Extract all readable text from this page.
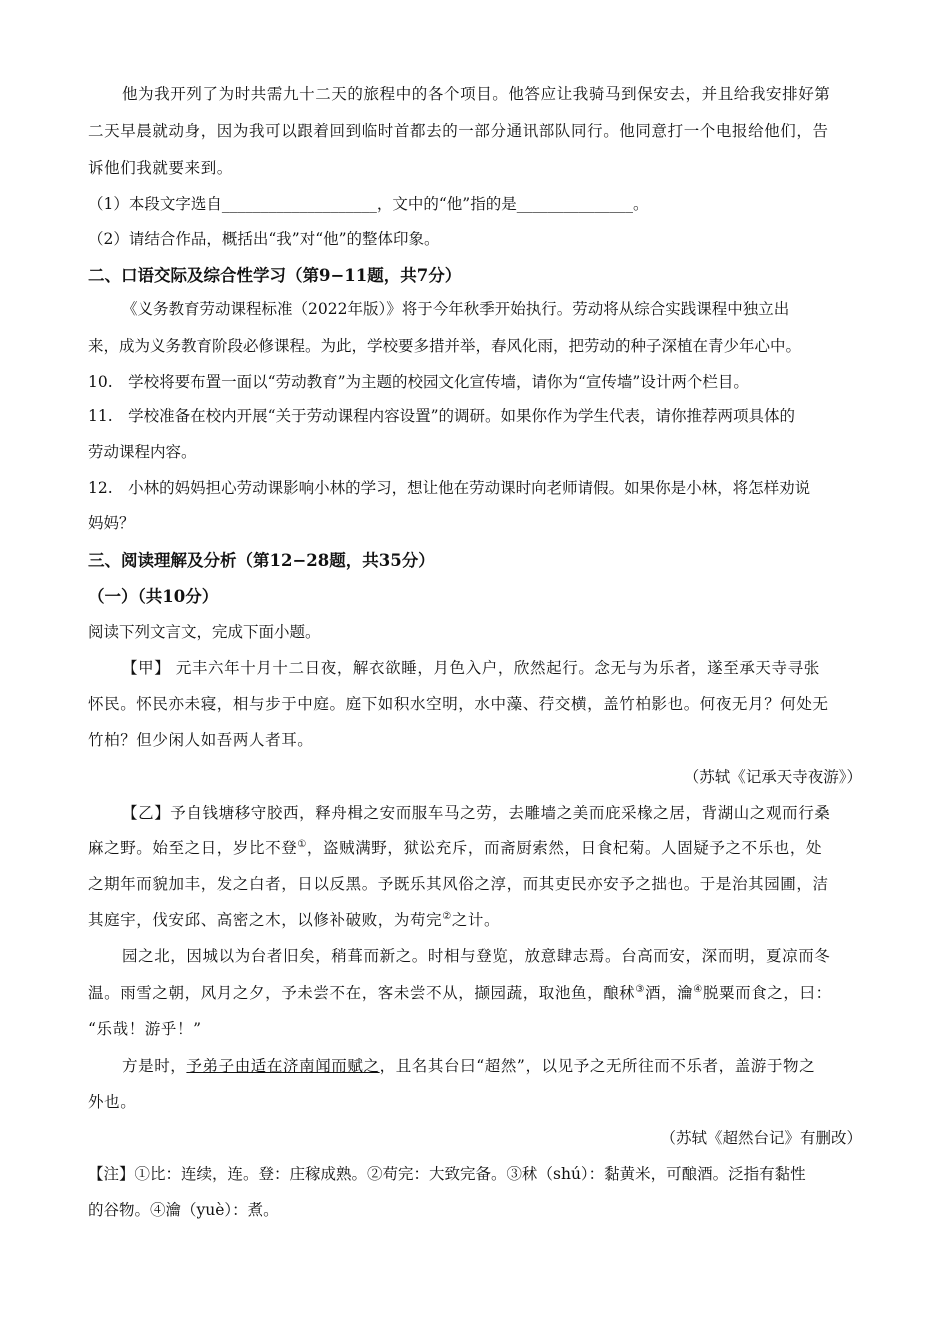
他为我开列了为时共需九十二天的旅程中的各个项目。他答应让我骑马到保安去，并且给我安排好第
二天早晨就动身，因为我可以跟着回到临时首都去的一部分通讯部队同行。他同意打一个电报给他们，告
诉他们我就要来到。
（1）本段文字选自____________________，文中的“他”指的是_______________。
（2）请结合作品，概括出“我”对“他”的整体印象。
二、口语交际及综合性学习（第9−11题，共7分）
《义务教育劳动课程标准（2022年版）》将于今年秋季开始执行。劳动将从综合实践课程中独立出
来，成为义务教育阶段必修课程。为此，学校要多措并举，春风化雨，把劳动的种子深植在青少年心中。
10.　学校将要布置一面以“劳动教育”为主题的校园文化宣传墙，请你为“宣传墙”设计两个栏目。
11.　学校准备在校内开展“关于劳动课程内容设置”的调研。如果你作为学生代表，请你推荐两项具体的
劳动课程内容。
12.　小林的妈妈担心劳动课影响小林的学习，想让他在劳动课时向老师请假。如果你是小林，将怎样劝说
妈妈？
三、阅读理解及分析（第12−28题，共35分）
（一）（共10分）
阅读下列文言文，完成下面小题。
【甲】 元丰六年十月十二日夜，解衣欲睡，月色入户，欣然起行。念无与为乐者，遂至承天寺寻张
怀民。怀民亦未寝，相与步于中庭。庭下如积水空明，水中藻、荇交横，盖竹柏影也。何夜无月？何处无
竹柏？但少闲人如吾两人者耳。
（苏轼《记承天寺夜游》）
【乙】予自钱塘移守胶西，释舟楫之安而服车马之劳，去雕墙之美而庇采椽之居，背湖山之观而行桑
麻之野。始至之日，岁比不登①，盗贼满野，狱讼充斥，而斋厨索然，日食杞菊。人固疑予之不乐也，处
之期年而貌加丰，发之白者，日以反黑。予既乐其风俗之淳，而其吏民亦安予之拙也。于是治其园圃，洁
其庭宇，伐安邱、高密之木，以修补破败，为苟完②之计。
园之北，因城以为台者旧矣，稍葺而新之。时相与登览，放意肆志焉。台高而安，深而明，夏凉而冬
温。雨雪之朝，风月之夕，予未尝不在，客未尝不从，撷园蔬，取池鱼，酿秫③酒，瀹④脱粟而食之，曰：
“乐哉！游乎！”
方是时，予弟子由适在济南闻而赋之，且名其台曰“超然”，以见予之无所往而不乐者，盖游于物之
外也。
（苏轼《超然台记》有删改）
【注】①比：连续，连。登：庄稼成熟。②苟完：大致完备。③秫（shú）：黏黄米，可酿酒。泛指有黏性
的谷物。④瀹（yuè）：煮。
